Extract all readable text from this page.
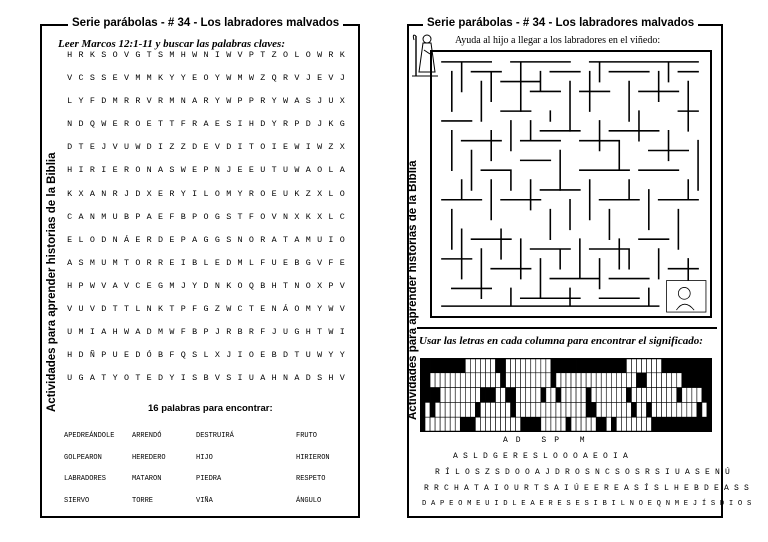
Serie parábolas - # 34 - Los labradores malvados
Actividades para aprender historias de la Biblia
Leer Marcos 12:1-11 y buscar las palabras claves:
H R K S O V G T S M H W N I W V P T Z O L O W R K
V C S S E V M M K Y Y E O Y W M W Z Q R V J E V J
L Y F D M R R V R M N A R Y W P P R Y W A S J U X
N D Q W E R O E T T F R A E S I H D Y R P D J K G
D T E J V U W D I Z Z D E V D I T O I E W I W Z X
H I R I E R O N A S W E P N J E E U T U W A O L A
K X A N R J D X E R Y I L O M Y R O E U K Z X L O
C A N M U B P A E F B P O G S T F O V N X K X L C
E L O D N Á E R D E P A G G S N O R A T A M U I O
A S M U M T O R R E I B L E D M L F U E B G V F E
H P W V A V C E G M J Y D N K O Q B H T N O X P V
V U V D T T L N K T P F G Z W C T E N Á O M Y W V
U M I A H W A D M W F B P J R B R F J U G H T W I
H D Ñ P U E D Ó B F Q S L X J I O E B D T U W Y Y
U G A T Y O T E D Y I S B V S I U A H N A D S H V
16 palabras para encontrar:
APEDREÁNDOLE	ARRENDÓ	DESTRUIRÁ	FRUTO
GOLPEARON	HEREDERO	HIJO	HIRIERON
LABRADORES	MATARON	PIEDRA	RESPETO
SIERVO	TORRE	VIÑA	ÁNGULO
Serie parábolas - # 34 - Los labradores malvados
Actividades para aprender historias de la Biblia
Ayuda al hijo a llegar a los labradores en el viñedo:
Usar las letras en cada columna para encontrar el significado:
AD SP M
A S L D G E R E S L O O O A E O I A
R Í L O S Z S D O O A J D R O S N C S O S R S I U A S E N Ú
R R C H A T A I O U R T S A I Ú E E R E A S Í S L H E B D E A S S
D A P E O M E U I D L E A E R E S E S I B I L N O E Q N M E J Í S D I O S
